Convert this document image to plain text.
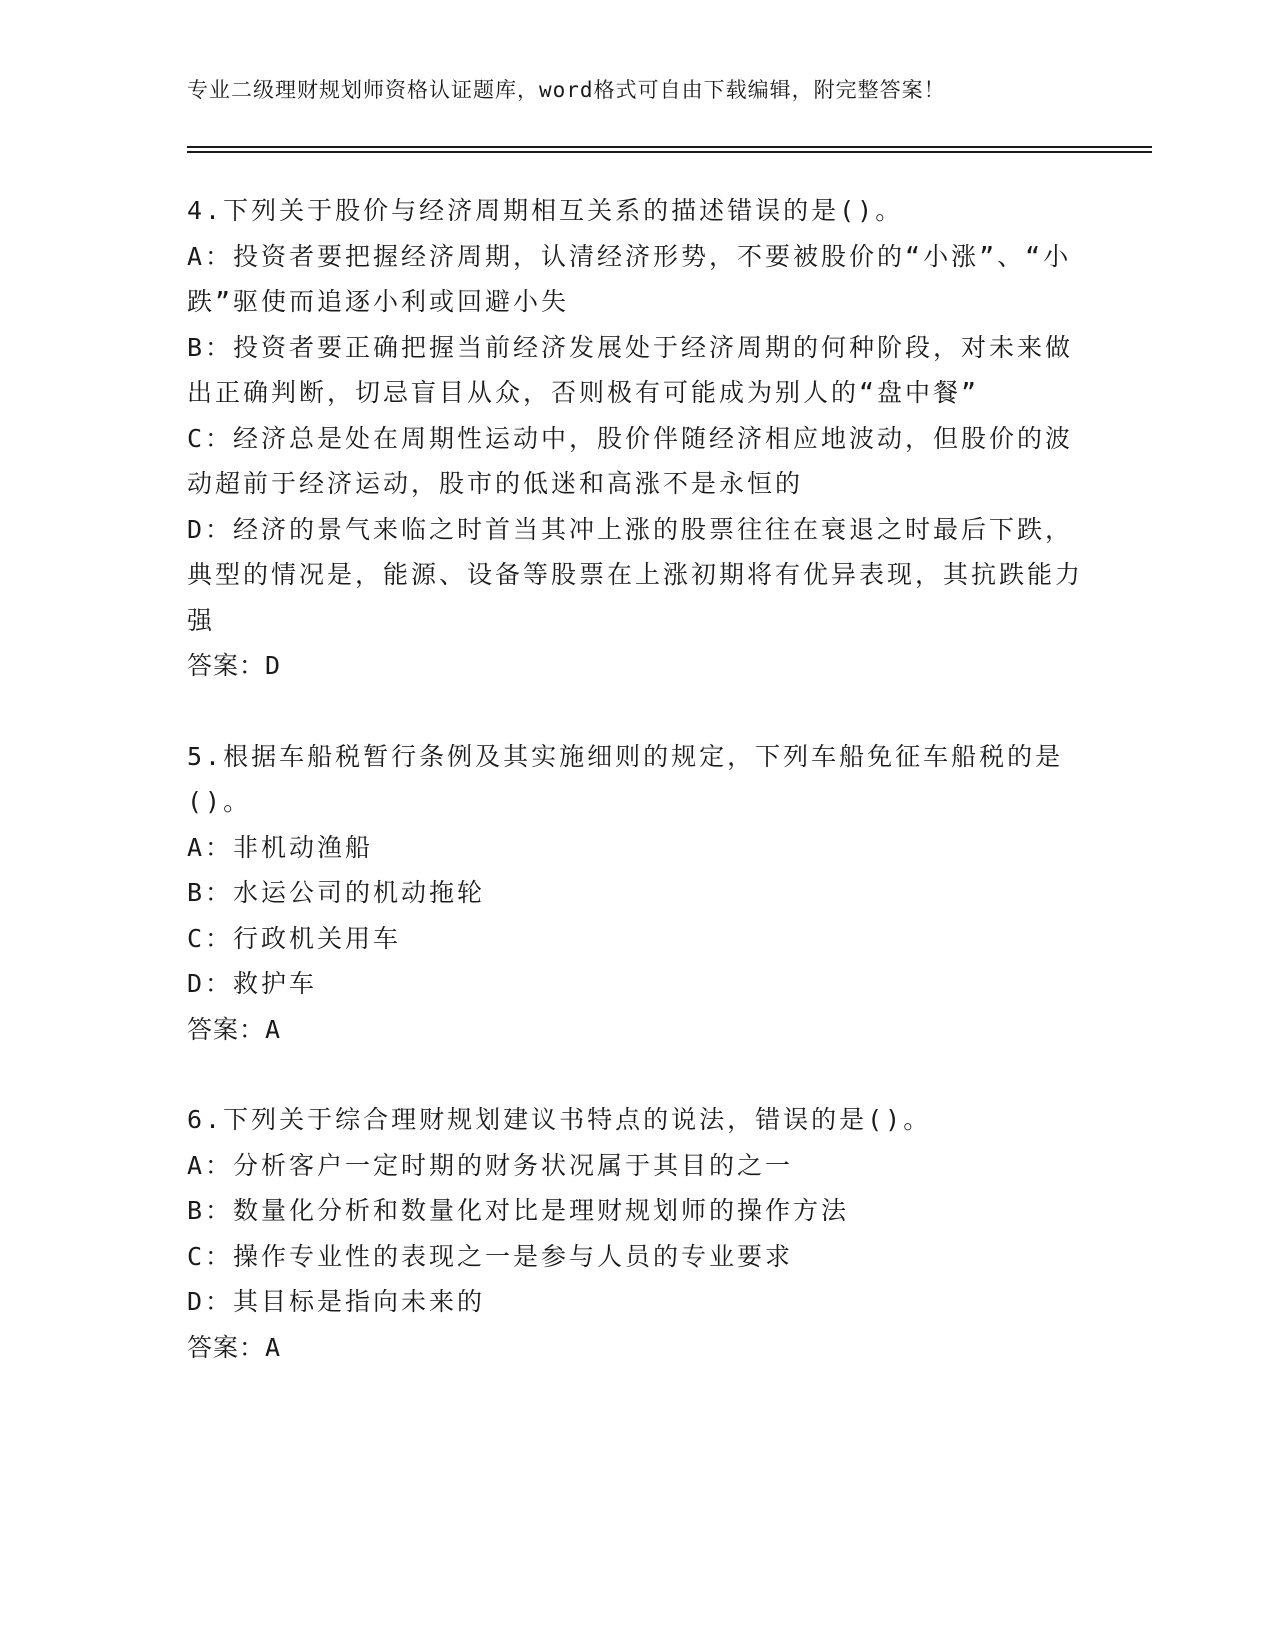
专业二级理财规划师资格认证题库，word格式可自由下载编辑，附完整答案！

4.下列关于股价与经济周期相互关系的描述错误的是()。

A：投资者要把握经济周期，认清经济形势，不要被股价的“小涨”、“小跌”驱使而追逐小利或回避小失

B：投资者要正确把握当前经济发展处于经济周期的何种阶段，对未来做出正确判断，切忌盲目从众，否则极有可能成为别人的“盘中餐”

C：经济总是处在周期性运动中，股价伴随经济相应地波动，但股价的波动超前于经济运动，股市的低迷和高涨不是永恒的

D：经济的景气来临之时首当其冲上涨的股票往往在衰退之时最后下跌，典型的情况是，能源、设备等股票在上涨初期将有优异表现，其抗跌能力强

答案：D

5.根据车船税暂行条例及其实施细则的规定，下列车船免征车船税的是()。

A：非机动渔船

B：水运公司的机动拖轮

C：行政机关用车

D：救护车

答案：A

6.下列关于综合理财规划建议书特点的说法，错误的是()。

A：分析客户一定时期的财务状况属于其目的之一

B：数量化分析和数量化对比是理财规划师的操作方法

C：操作专业性的表现之一是参与人员的专业要求

D：其目标是指向未来的

答案：A
